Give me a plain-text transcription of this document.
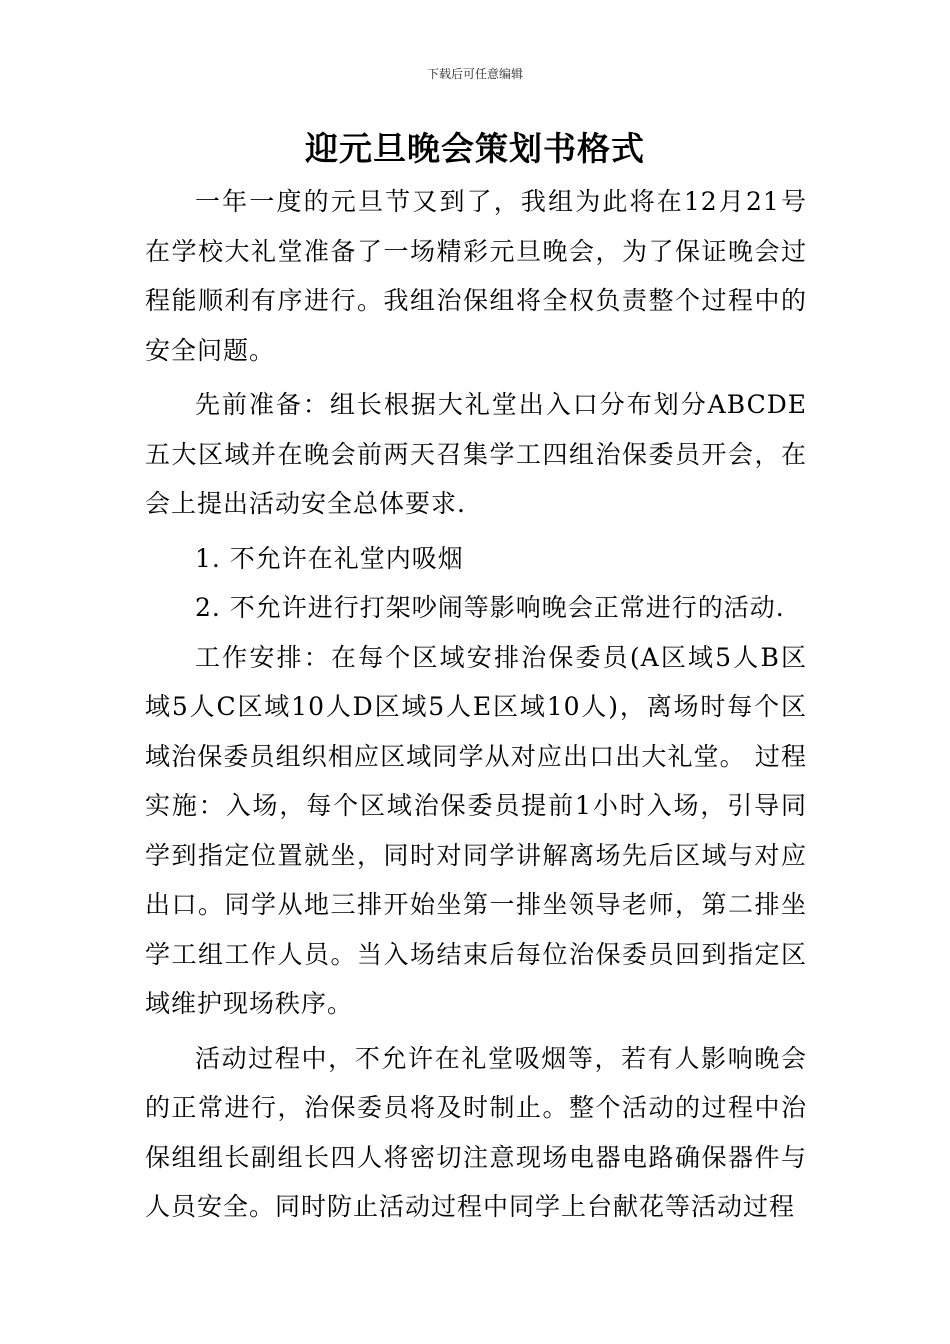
下载后可任意编辑
迎元旦晚会策划书格式

一年一度的元旦节又到了，我组为此将在12月21号在学校大礼堂准备了一场精彩元旦晚会，为了保证晚会过程能顺利有序进行。我组治保组将全权负责整个过程中的安全问题。

先前准备：组长根据大礼堂出入口分布划分ABCDE五大区域并在晚会前两天召集学工四组治保委员开会，在会上提出活动安全总体要求.

1. 不允许在礼堂内吸烟

2. 不允许进行打架吵闹等影响晚会正常进行的活动.

工作安排：在每个区域安排治保委员(A区域5人B区域5人C区域10人D区域5人E区域10人)，离场时每个区域治保委员组织相应区域同学从对应出口出大礼堂。 过程实施：入场，每个区域治保委员提前1小时入场，引导同学到指定位置就坐，同时对同学讲解离场先后区域与对应出口。同学从地三排开始坐第一排坐领导老师，第二排坐学工组工作人员。当入场结束后每位治保委员回到指定区域维护现场秩序。

活动过程中，不允许在礼堂吸烟等，若有人影响晚会的正常进行，治保委员将及时制止。整个活动的过程中治保组组长副组长四人将密切注意现场电器电路确保器件与人员安全。同时防止活动过程中同学上台献花等活动过程
